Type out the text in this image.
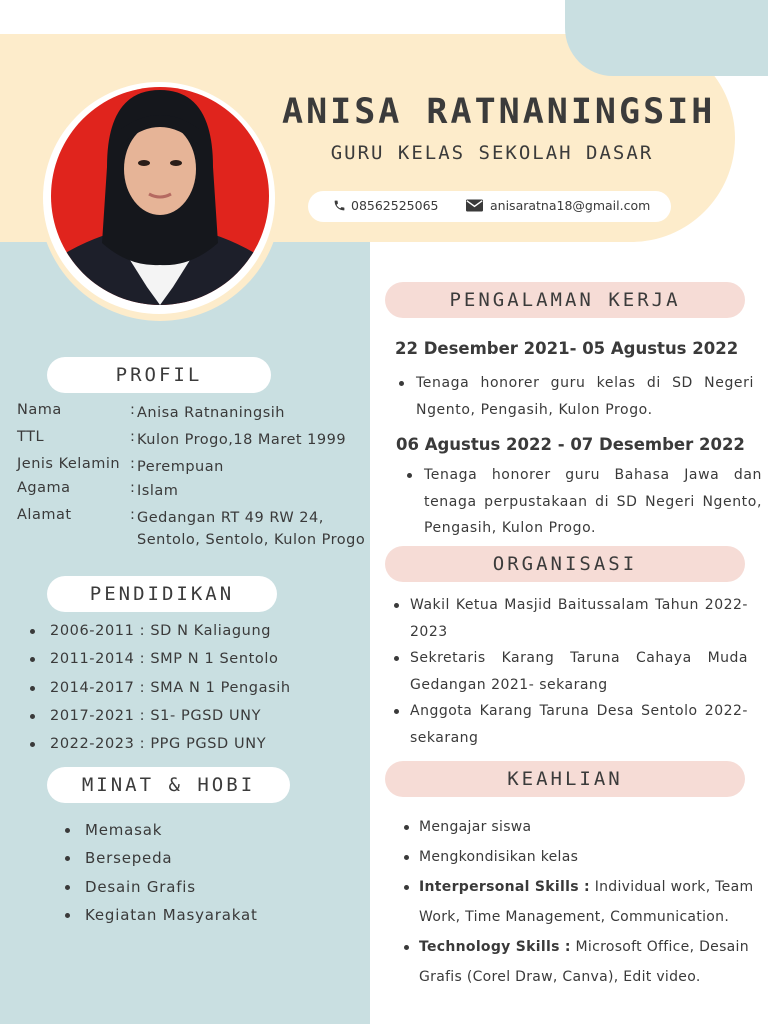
ANISA RATNANINGSIH
GURU KELAS SEKOLAH DASAR
08562525065	anisaratna18@gmail.com
PROFIL
Nama	: Anisa Ratnaningsih
TTL	: Kulon Progo,18 Maret 1999
Jenis Kelamin : Perempuan
Agama	: Islam
Alamat	: Gedangan RT 49 RW 24, Sentolo, Sentolo, Kulon Progo
PENDIDIKAN
2006-2011 : SD N Kaliagung
2011-2014 : SMP N 1 Sentolo
2014-2017 : SMA N 1 Pengasih
2017-2021 : S1- PGSD UNY
2022-2023 : PPG PGSD UNY
MINAT & HOBI
Memasak
Bersepeda
Desain Grafis
Kegiatan Masyarakat
PENGALAMAN KERJA
22 Desember 2021- 05 Agustus 2022
Tenaga honorer guru kelas di SD Negeri Ngento, Pengasih, Kulon Progo.
06 Agustus 2022 - 07 Desember 2022
Tenaga honorer guru Bahasa Jawa dan tenaga perpustakaan di SD Negeri Ngento, Pengasih, Kulon Progo.
ORGANISASI
Wakil Ketua Masjid Baitussalam Tahun 2022-2023
Sekretaris Karang Taruna Cahaya Muda Gedangan 2021- sekarang
Anggota Karang Taruna Desa Sentolo 2022-sekarang
KEAHLIAN
Mengajar siswa
Mengkondisikan kelas
Interpersonal Skills : Individual work, Team Work, Time Management, Communication.
Technology Skills : Microsoft Office, Desain Grafis (Corel Draw, Canva), Edit video.
